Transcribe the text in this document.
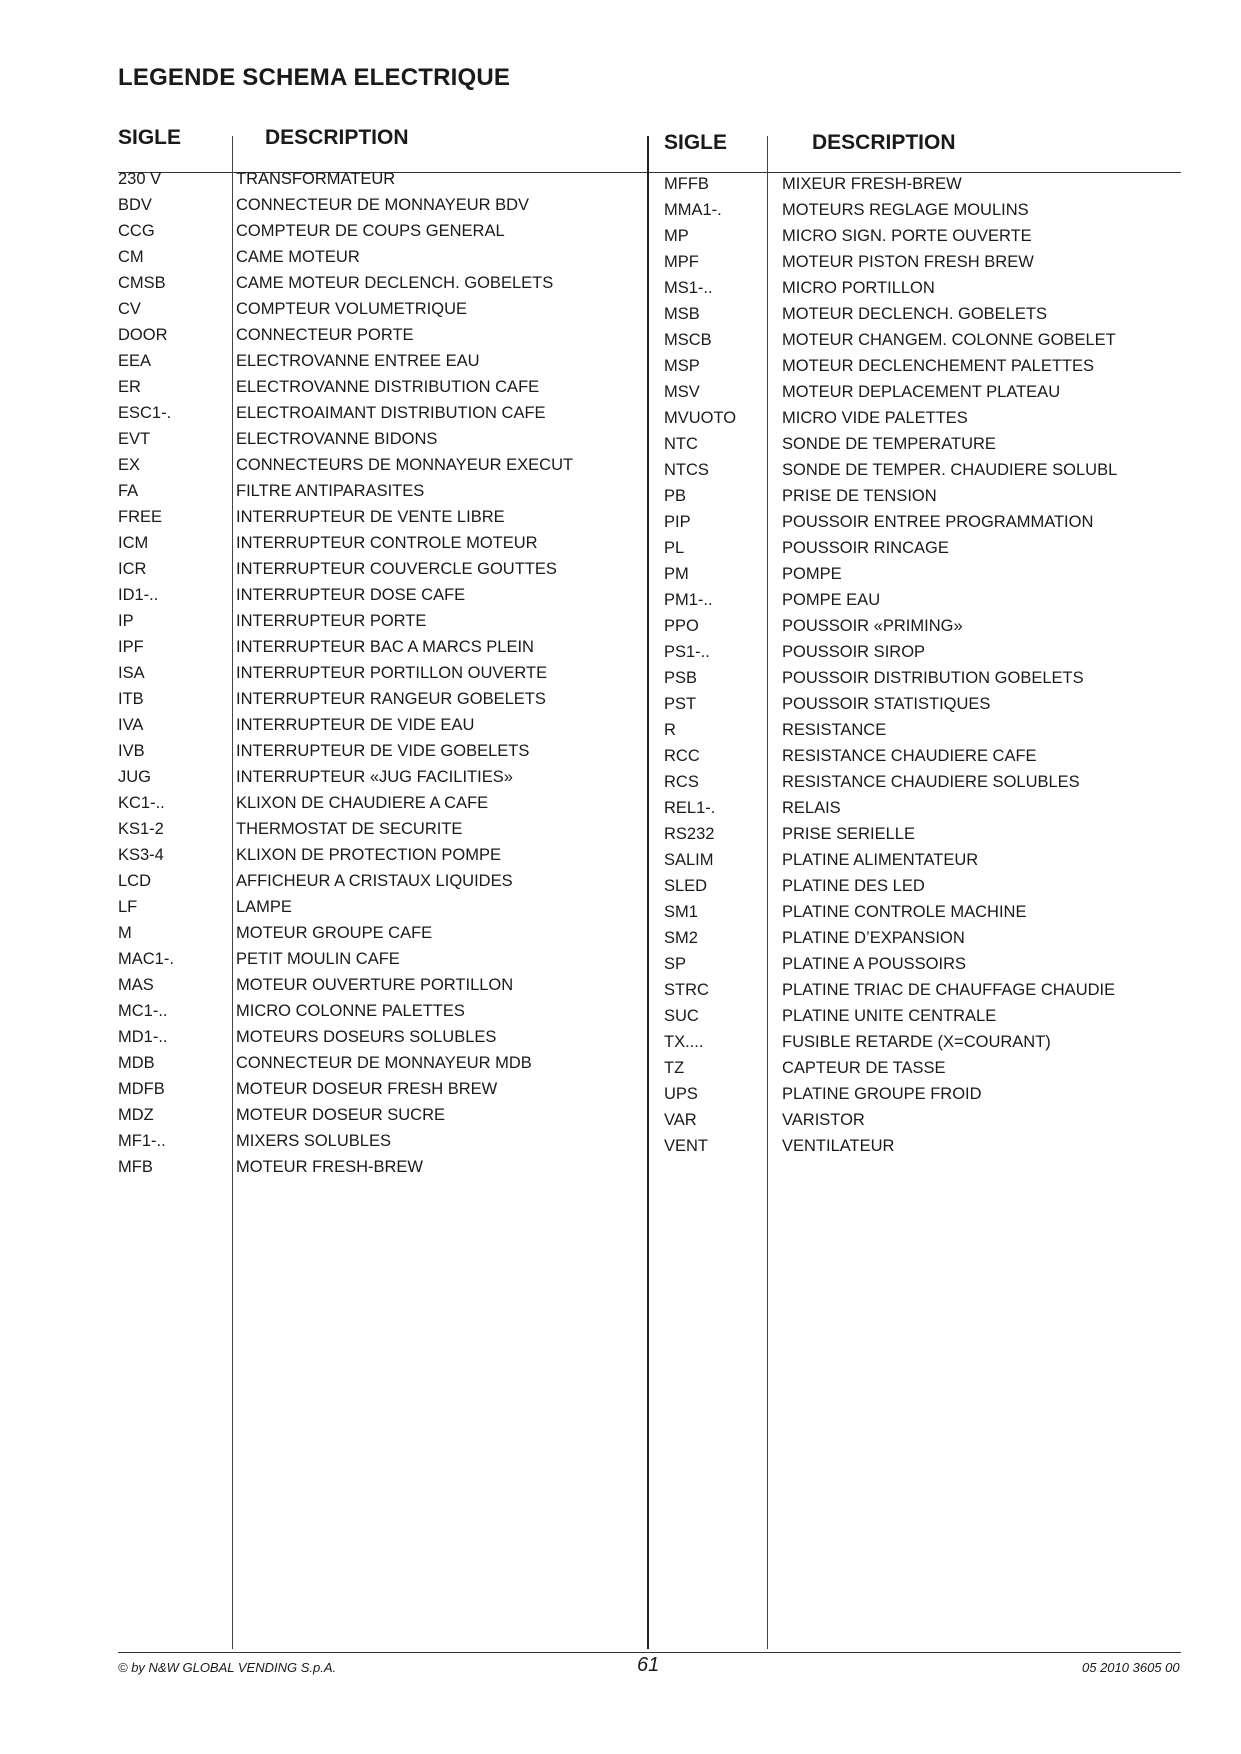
LEGENDE SCHEMA ELECTRIQUE
SIGLE	DESCRIPTION	SIGLE	DESCRIPTION
230 V	TRANSFORMATEUR
BDV	CONNECTEUR DE MONNAYEUR BDV
CCG	COMPTEUR DE COUPS GENERAL
CM	CAME MOTEUR
CMSB	CAME MOTEUR DECLENCH. GOBELETS
CV	COMPTEUR VOLUMETRIQUE
DOOR	CONNECTEUR PORTE
EEA	ELECTROVANNE ENTREE EAU
ER	ELECTROVANNE DISTRIBUTION CAFE
ESC1-.	ELECTROAIMANT DISTRIBUTION CAFE
EVT	ELECTROVANNE BIDONS
EX	CONNECTEURS DE MONNAYEUR EXECUT
FA	FILTRE ANTIPARASITES
FREE	INTERRUPTEUR DE VENTE LIBRE
ICM	INTERRUPTEUR CONTROLE MOTEUR
ICR	INTERRUPTEUR COUVERCLE GOUTTES
ID1-..	INTERRUPTEUR DOSE CAFE
IP	INTERRUPTEUR PORTE
IPF	INTERRUPTEUR BAC A MARCS PLEIN
ISA	INTERRUPTEUR PORTILLON OUVERTE
ITB	INTERRUPTEUR RANGEUR GOBELETS
IVA	INTERRUPTEUR DE VIDE EAU
IVB	INTERRUPTEUR DE VIDE GOBELETS
JUG	INTERRUPTEUR «JUG FACILITIES»
KC1-..	KLIXON DE CHAUDIERE A CAFE
KS1-2	THERMOSTAT DE SECURITE
KS3-4	KLIXON DE PROTECTION POMPE
LCD	AFFICHEUR A CRISTAUX LIQUIDES
LF	LAMPE
M	MOTEUR GROUPE CAFE
MAC1-.	PETIT MOULIN CAFE
MAS	MOTEUR OUVERTURE PORTILLON
MC1-..	MICRO COLONNE PALETTES
MD1-..	MOTEURS DOSEURS SOLUBLES
MDB	CONNECTEUR DE MONNAYEUR MDB
MDFB	MOTEUR DOSEUR FRESH BREW
MDZ	MOTEUR DOSEUR SUCRE
MF1-..	MIXERS SOLUBLES
MFB	MOTEUR FRESH-BREW
MFFB	MIXEUR FRESH-BREW
MMA1-.	MOTEURS REGLAGE MOULINS
MP	MICRO SIGN. PORTE OUVERTE
MPF	MOTEUR PISTON FRESH BREW
MS1-..	MICRO PORTILLON
MSB	MOTEUR DECLENCH. GOBELETS
MSCB	MOTEUR CHANGEM. COLONNE GOBELET
MSP	MOTEUR DECLENCHEMENT PALETTES
MSV	MOTEUR DEPLACEMENT PLATEAU
MVUOTO	MICRO VIDE PALETTES
NTC	SONDE DE TEMPERATURE
NTCS	SONDE DE TEMPER. CHAUDIERE SOLUBL
PB	PRISE DE TENSION
PIP	POUSSOIR ENTREE PROGRAMMATION
PL	POUSSOIR RINCAGE
PM	POMPE
PM1-..	POMPE EAU
PPO	POUSSOIR «PRIMING»
PS1-..	POUSSOIR SIROP
PSB	POUSSOIR DISTRIBUTION GOBELETS
PST	POUSSOIR STATISTIQUES
R	RESISTANCE
RCC	RESISTANCE CHAUDIERE CAFE
RCS	RESISTANCE CHAUDIERE SOLUBLES
REL1-.	RELAIS
RS232	PRISE SERIELLE
SALIM	PLATINE ALIMENTATEUR
SLED	PLATINE DES LED
SM1	PLATINE CONTROLE MACHINE
SM2	PLATINE D’EXPANSION
SP	PLATINE A POUSSOIRS
STRC	PLATINE TRIAC DE CHAUFFAGE CHAUDIE
SUC	PLATINE UNITE CENTRALE
TX....	FUSIBLE RETARDE (X=COURANT)
TZ	CAPTEUR DE TASSE
UPS	PLATINE GROUPE FROID
VAR	VARISTOR
VENT	VENTILATEUR
© by N&W GLOBAL VENDING S.p.A.	61	05 2010 3605 00
